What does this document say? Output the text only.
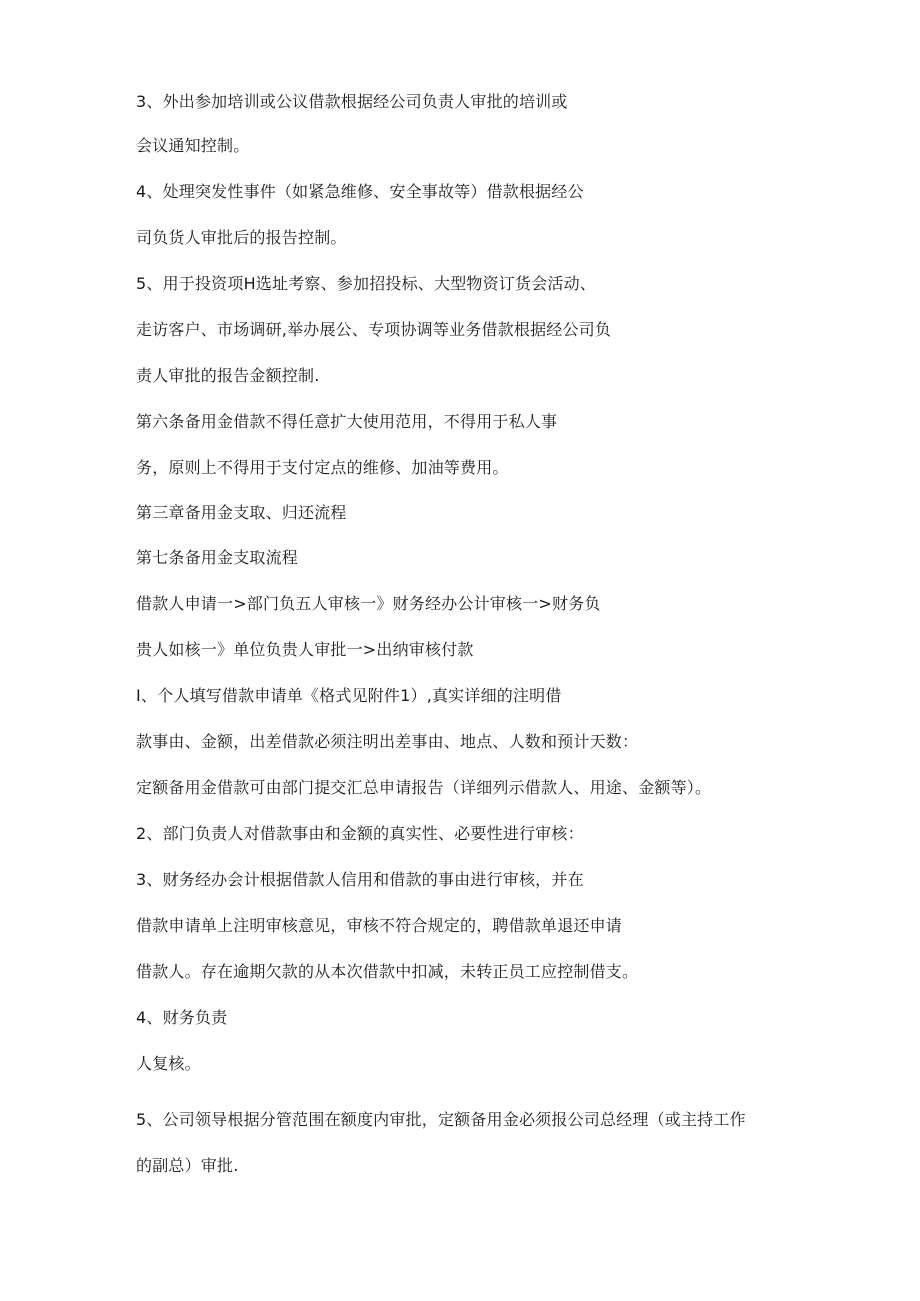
3、外出参加培训或公议借款根据经公司负责人审批的培训或
会议通知控制。
4、处理突发性事件（如紧急维修、安全事故等）借款根据经公
司负货人审批后的报告控制。
5、用于投资项H选址考察、参加招投标、大型物资订货会活动、
走访客户、市场调研,举办展公、专项协调等业务借款根据经公司负
责人审批的报告金额控制.
第六条备用金借款不得任意扩大使用范用，不得用于私人事
务，原则上不得用于支付定点的维修、加油等费用。
第三章备用金支取、归还流程
第七条备用金支取流程
借款人申请一>部门负五人审核一》财务经办公计审核一>财务负
贵人如核一》单位负贵人审批一>出纳审核付款
I、个人填写借款申请单《格式见附件1）,真实详细的注明借
款事由、金额，出差借款必须注明出差事由、地点、人数和预计天数：
定额备用金借款可由部门提交汇总申请报告（详细列示借款人、用途、金额等）。
2、部门负责人对借款事由和金额的真实性、必要性进行审核：
3、财务经办会计根据借款人信用和借款的事由进行审核，并在
借款申请单上注明审核意见，审核不符合规定的，聘借款单退还申请
借款人。存在逾期欠款的从本次借款中扣减，未转正员工应控制借支。
4、财务负责
人复核。
5、公司领导根据分管范围在额度内审批，定额备用金必须报公司总经理（或主持工作
的副总）审批.
